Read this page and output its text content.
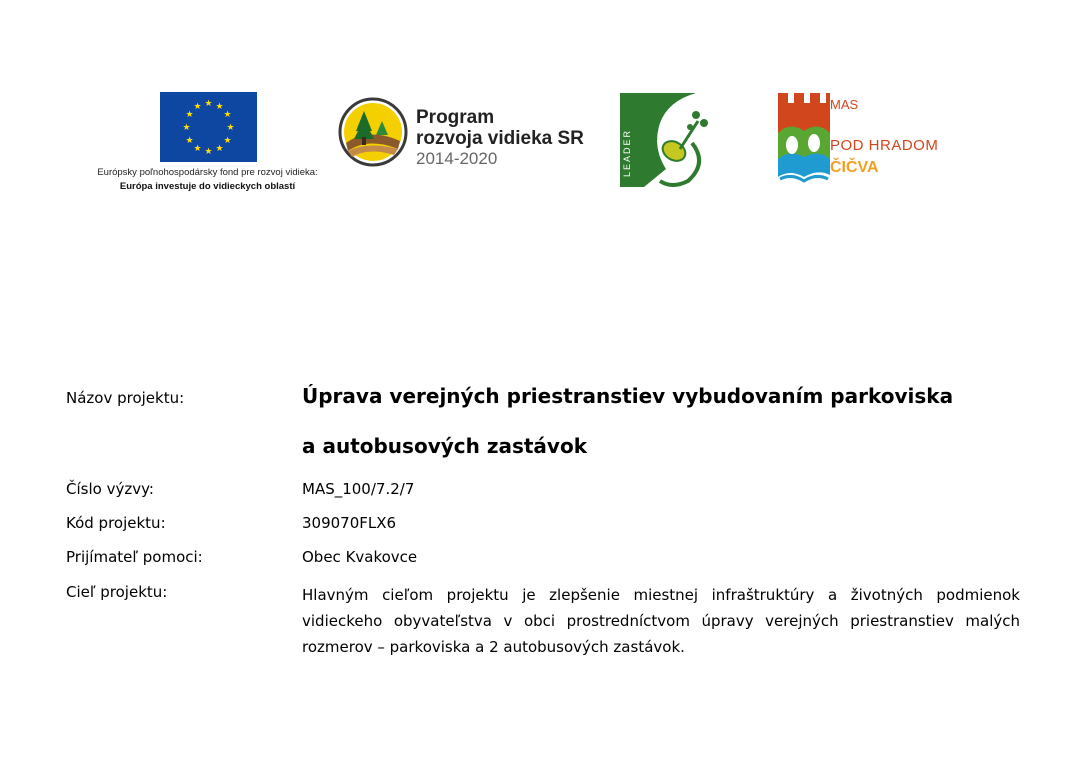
★ ★
★
★
★
★
★
★
★
★
★
★
Európsky poľnohospodársky fond pre rozvoj vidieka:
Európa investuje do vidieckych oblastí
Program
rozvoja vidieka SR
2014-2020	LEADER
MAS
POD HRADOM
ČIČVA
Názov projektu:	Úprava verejných priestranstiev vybudovaním parkoviska
a autobusových zastávok
Číslo výzvy:	MAS_100/7.2/7
Kód projektu:	309070FLX6
Prijímateľ pomoci:	Obec Kvakovce
Cieľ projektu:	Hlavným cieľom projektu je zlepšenie miestnej infraštruktúry a životných podmienok vidieckeho obyvateľstva v obci prostredníctvom úpravy verejných priestranstiev malých rozmerov – parkoviska a 2 autobusových zastávok.
